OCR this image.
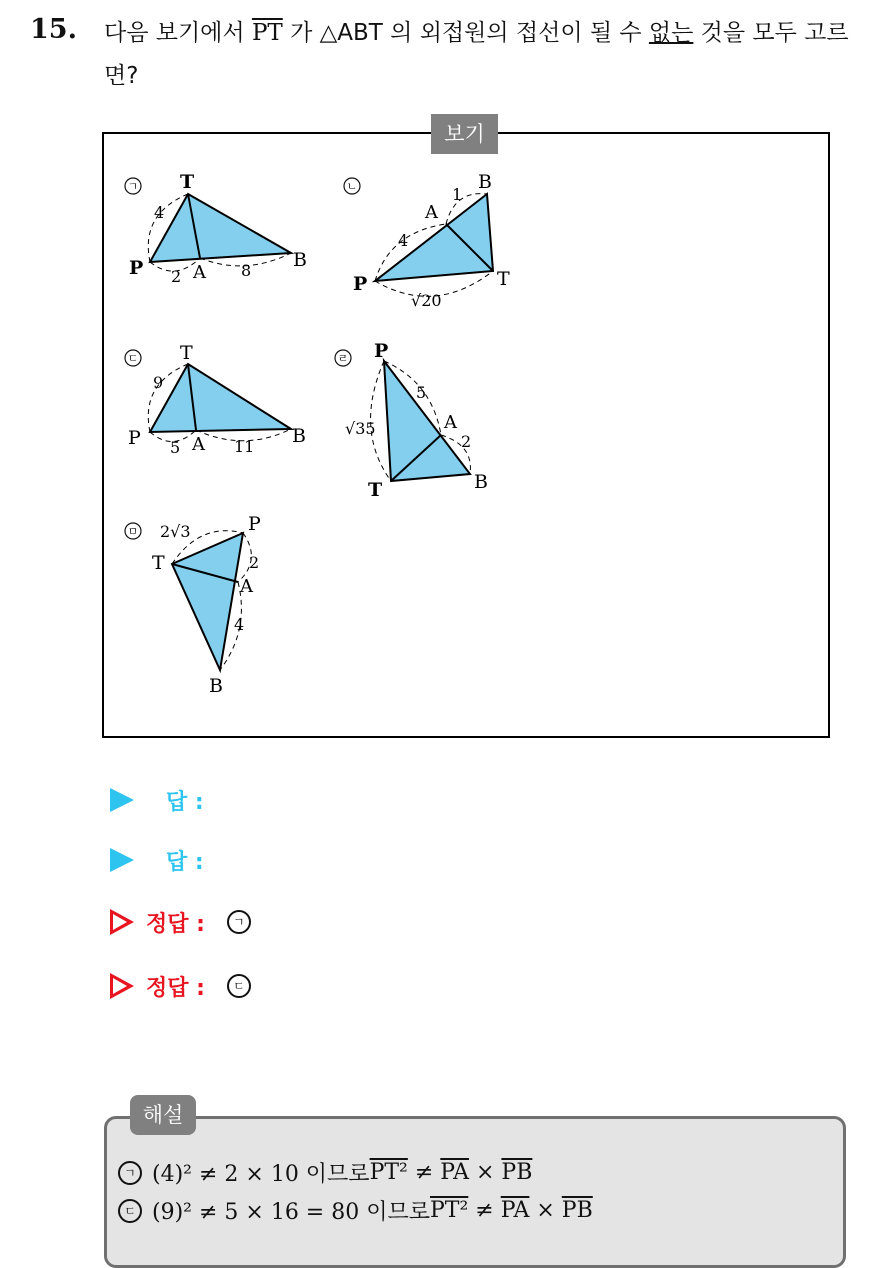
15. 다음 보기에서 $\overline{PT}$ 가 △ABT 의 외접원의 접선이 될 수 없는 것을 모두 고르면?
보기
ㄱ T
P	A
B
4
2	8
ㄴ	B
A
P	T
4
1
√20
ㄷ T
P	A	B
9
5	11
ㄹ P
A
B
T
5
2
√35
ㅁ	P
A
B
T
2√3
2
4
답 :
답 :
정답 :	ㄱ
정답 :	ㄷ
해설
ㄱ (4)² ≠ 2 × 10 이므로 $PT^2 \ne \overline{PA} \times \overline{PB}$
ㄷ (9)² ≠ 5 × 16 = 80 이므로 $PT^2 \ne \overline{PA} \times \overline{PB}$
